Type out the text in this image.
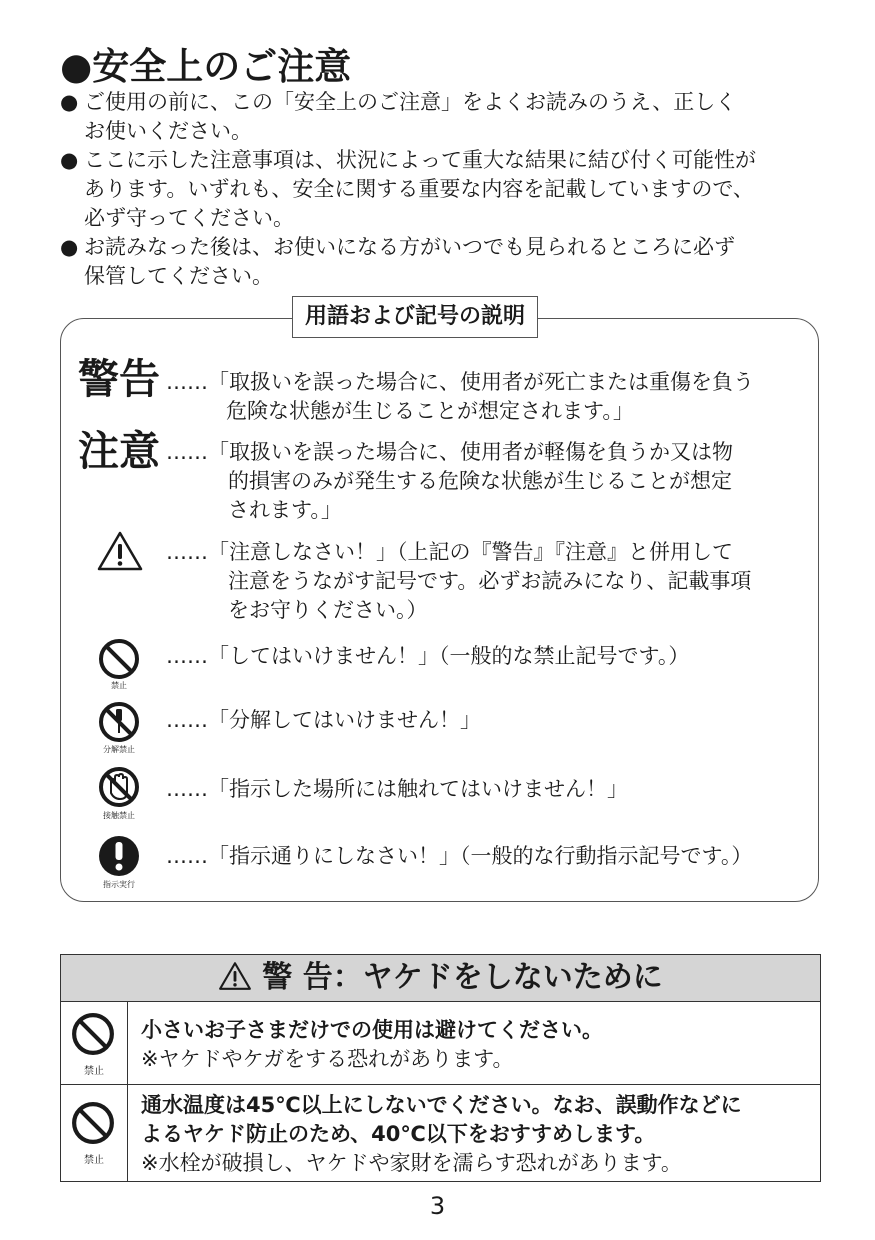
●安全上のご注意
● ご使用の前に、この「安全上のご注意」をよくお読みのうえ、正しく
お使いください。
● ここに示した注意事項は、状況によって重大な結果に結び付く可能性が
あります。いずれも、安全に関する重要な内容を記載していますので、
必ず守ってください。
● お読みなった後は、お使いになる方がいつでも見られるところに必ず
保管してください。
用語および記号の説明
警告 ……「取扱いを誤った場合に、使用者が死亡または重傷を負う
危険な状態が生じることが想定されます。」
注意 ……「取扱いを誤った場合に、使用者が軽傷を負うか又は物
的損害のみが発生する危険な状態が生じることが想定
されます。」
……「注意しなさい！」（上記の『警告』『注意』と併用して
注意をうながす記号です。必ずお読みになり、記載事項
をお守りください。）
禁止
……「してはいけません！」（一般的な禁止記号です。）
分解禁止
……「分解してはいけません！」
接触禁止
……「指示した場所には触れてはいけません！」
指示実行
……「指示通りにしなさい！」（一般的な行動指示記号です。）
警 告：ヤケドをしないために
禁止
小さいお子さまだけでの使用は避けてください。
※ヤケドやケガをする恐れがあります。
禁止
通水温度は45℃以上にしないでください。なお、誤動作などに
よるヤケド防止のため、40℃以下をおすすめします。
※水栓が破損し、ヤケドや家財を濡らす恐れがあります。
3
